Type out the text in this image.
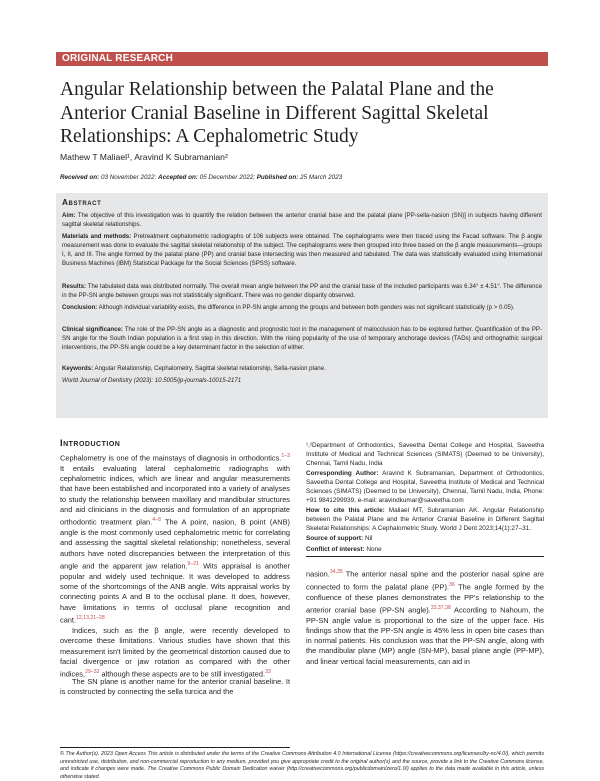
ORIGINAL RESEARCH
Angular Relationship between the Palatal Plane and the Anterior Cranial Baseline in Different Sagittal Skeletal Relationships: A Cephalometric Study
Mathew T Maliael¹, Aravind K Subramanian²
Received on: 03 November 2022; Accepted on: 05 December 2022; Published on: 25 March 2023
Abstract
Aim: The objective of this investigation was to quantify the relation between the anterior cranial base and the palatal plane [PP-sella-nasion (SN)] in subjects having different sagittal skeletal relationships.
Materials and methods: Pretreatment cephalometric radiographs of 106 subjects were obtained. The cephalograms were then traced using the Facad software. The β angle measurement was done to evaluate the sagittal skeletal relationship of the subject. The cephalograms were then grouped into three based on the β angle measurements—groups I, II, and III. The angle formed by the palatal plane (PP) and cranial base intersecting was then measured and tabulated. The data was statistically evaluated using International Business Machines (IBM) Statistical Package for the Social Sciences (SPSS) software.
Results: The tabulated data was distributed normally. The overall mean angle between the PP and the cranial base of the included participants was 6.34° ± 4.51°. The difference in the PP-SN angle between groups was not statistically significant. There was no gender disparity observed.
Conclusion: Although individual variability exists, the difference in PP-SN angle among the groups and between both genders was not significant statistically (p > 0.05).
Clinical significance: The role of the PP-SN angle as a diagnostic and prognostic tool in the management of malocclusion has to be explored further. Quantification of the PP-SN angle for the South Indian population is a first step in this direction. With the rising popularity of the use of temporary anchorage devices (TADs) and orthognathic surgical interventions, the PP-SN angle could be a key determinant factor in the selection of either.
Keywords: Angular Relationship, Cephalometry, Sagittal skeletal relationship, Sella-nasion plane.
World Journal of Dentistry (2023): 10.5005/jp-journals-10015-2171
Introduction
Cephalometry is one of the mainstays of diagnosis in orthodontics.$^{1-3}$ It entails evaluating lateral cephalometric radiographs with cephalometric indices, which are linear and angular measurements that have been established and incorporated into a variety of analyses to study the relationship between maxillary and mandibular structures and aid clinicians in the diagnosis and formulation of an appropriate orthodontic treatment plan.$^{4-8}$ The A point, nasion, B point (ANB) angle is the most commonly used cephalometric metric for correlating and assessing the sagittal skeletal relationship; nonetheless, several authors have noted discrepancies between the interpretation of this angle and the apparent jaw relation.$^{9-21}$ Wits appraisal is another popular and widely used technique. It was developed to address some of the shortcomings of the ANB angle. Wits appraisal works by connecting points A and B to the occlusal plane. It does, however, have limitations in terms of occlusal plane recognition and cant.$^{12,13,21-28}$
Indices, such as the β angle, were recently developed to overcome these limitations. Various studies have shown that this measurement isn't limited by the geometrical distortion caused due to facial divergence or jaw rotation as compared with the other indices,$^{29-32}$ although these aspects are to be still investigated.$^{33}$
The SN plane is another name for the anterior cranial baseline. It is constructed by connecting the sella turcica and the
¹,²Department of Orthodontics, Saveetha Dental College and Hospital, Saveetha Institute of Medical and Technical Sciences (SIMATS) (Deemed to be University), Chennai, Tamil Nadu, India
Corresponding Author: Aravind K Subramanian, Department of Orthodontics, Saveetha Dental College and Hospital, Saveetha Institute of Medical and Technical Sciences (SIMATS) (Deemed to be University), Chennai, Tamil Nadu, India, Phone: +91 9841299939, e-mail: aravindkumar@saveetha.com
How to cite this article: Maliael MT, Subramanian AK. Angular Relationship between the Palatal Plane and the Anterior Cranial Baseline in Different Sagittal Skeletal Relationships: A Cephalometric Study. World J Dent 2023;14(1):27–31.
Source of support: Nil
Conflict of interest: None
nasion.$^{34,35}$ The anterior nasal spine and the posterior nasal spine are connected to form the palatal plane (PP).$^{36}$ The angle formed by the confluence of these planes demonstrates the PP's relationship to the anterior cranial base (PP-SN angle).$^{33,37,38}$ According to Nahoum, the PP-SN angle value is proportional to the size of the upper face. His findings show that the PP-SN angle is 45% less in open bite cases than in normal patients. His conclusion was that the PP-SN angle, along with the mandibular plane (MP) angle (SN-MP), basal plane angle (PP-MP), and linear vertical facial measurements, can aid in
© The Author(s). 2023 Open Access This article is distributed under the terms of the Creative Commons Attribution 4.0 International License (https://creativecommons.org/licenses/by-nc/4.0/), which permits unrestricted use, distribution, and non-commercial reproduction in any medium, provided you give appropriate credit to the original author(s) and the source, provide a link to the Creative Commons license, and indicate if changes were made. The Creative Commons Public Domain Dedication waiver (http://creativecommons.org/publicdomain/zero/1.0/) applies to the data made available in this article, unless otherwise stated.
